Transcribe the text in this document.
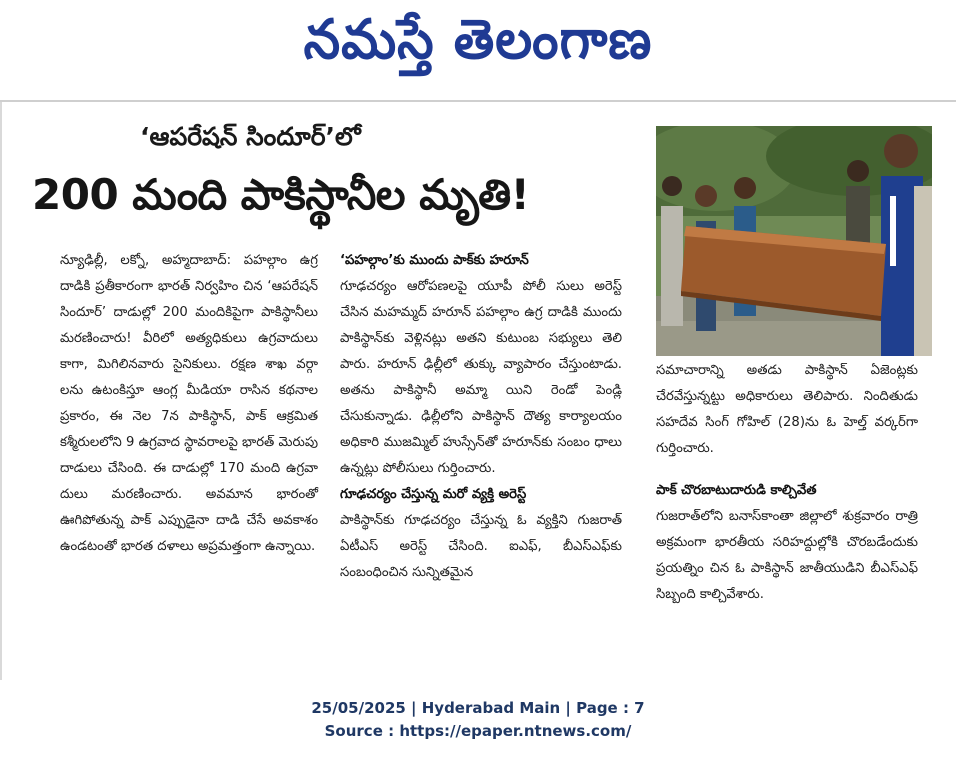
నమస్తే తెలంగాణ
‘ఆపరేషన్ సిందూర్’లో
200 మంది పాకిస్థానీల మృతి!

న్యూఢిల్లీ, లక్నో, అహ్మదాబాద్: పహల్గాం ఉగ్ర దాడికి ప్రతీకారంగా భారత్ నిర్వహిం చిన ‘ఆపరేషన్ సిందూర్’ దాడుల్లో 200 మందికిపైగా పాకిస్థానీలు మరణించారు! వీరిలో అత్యధికులు ఉగ్రవాదులు కాగా, మిగిలినవారు సైనికులు. రక్షణ శాఖ వర్గా లను ఉటంకిస్తూ ఆంగ్ల మీడియా రాసిన కథనాల ప్రకారం, ఈ నెల 7న పాకిస్థాన్, పాక్ ఆక్రమిత కశ్మీరులలోని 9 ఉగ్రవాద స్థావరాలపై భారత్ మెరుపు దాడులు చేసింది. ఈ దాడుల్లో 170 మంది ఉగ్రవా దులు మరణించారు. అవమాన భారంతో ఊగిపోతున్న పాక్ ఎప్పుడైనా దాడి చేసే అవకాశం ఉండటంతో భారత దళాలు అప్రమత్తంగా ఉన్నాయి.

‘పహల్గాం’కు ముందు పాక్‌కు హరూన్

గూఢచర్యం ఆరోపణలపై యూపీ పోలీ సులు అరెస్ట్ చేసిన మహమ్మద్ హరూన్ పహల్గాం ఉగ్ర దాడికి ముందు పాకిస్థాన్‌కు వెళ్లినట్లు అతని కుటుంబ సభ్యులు తెలి పారు. హరూన్ ఢిల్లీలో తుక్కు వ్యాపారం చేస్తుంటాడు. అతను పాకిస్థానీ అమ్మా యిని రెండో పెండ్లి చేసుకున్నాడు. ఢిల్లీలోని పాకిస్థాన్ దౌత్య కార్యాలయం అధికారి ముజమ్మిల్ హుస్సేన్‌తో హరూన్‌కు సంబం ధాలు ఉన్నట్లు పోలీసులు గుర్తించారు.

గూఢచర్యం చేస్తున్న మరో వ్యక్తి అరెస్ట్

పాకిస్థాన్‌కు గూఢచర్యం చేస్తున్న ఓ వ్యక్తిని గుజరాత్ ఏటీఎస్ అరెస్ట్ చేసింది. ఐఎఫ్, బీఎస్ఎఫ్‌కు సంబంధించిన సున్నితమైన

సమాచారాన్ని అతడు పాకిస్థాన్ ఏజెంట్లకు చేరవేస్తున్నట్టు అధికారులు తెలిపారు. నిందితుడు సహదేవ సింగ్ గోహిల్ (28)ను ఓ హెల్త్ వర్కర్‌గా గుర్తించారు.

పాక్ చొరబాటుదారుడి కాల్చివేత

గుజరాత్‌లోని బనాస్‌కాంతా జిల్లాలో శుక్రవారం రాత్రి అక్రమంగా భారతీయ సరిహద్దుల్లోకి చొరబడేందుకు ప్రయత్నిం చిన ఓ పాకిస్థాన్ జాతీయుడిని బీఎస్ఎఫ్ సిబ్బంది కాల్చివేశారు.

25/05/2025 | Hyderabad Main | Page : 7
Source : https://epaper.ntnews.com/
